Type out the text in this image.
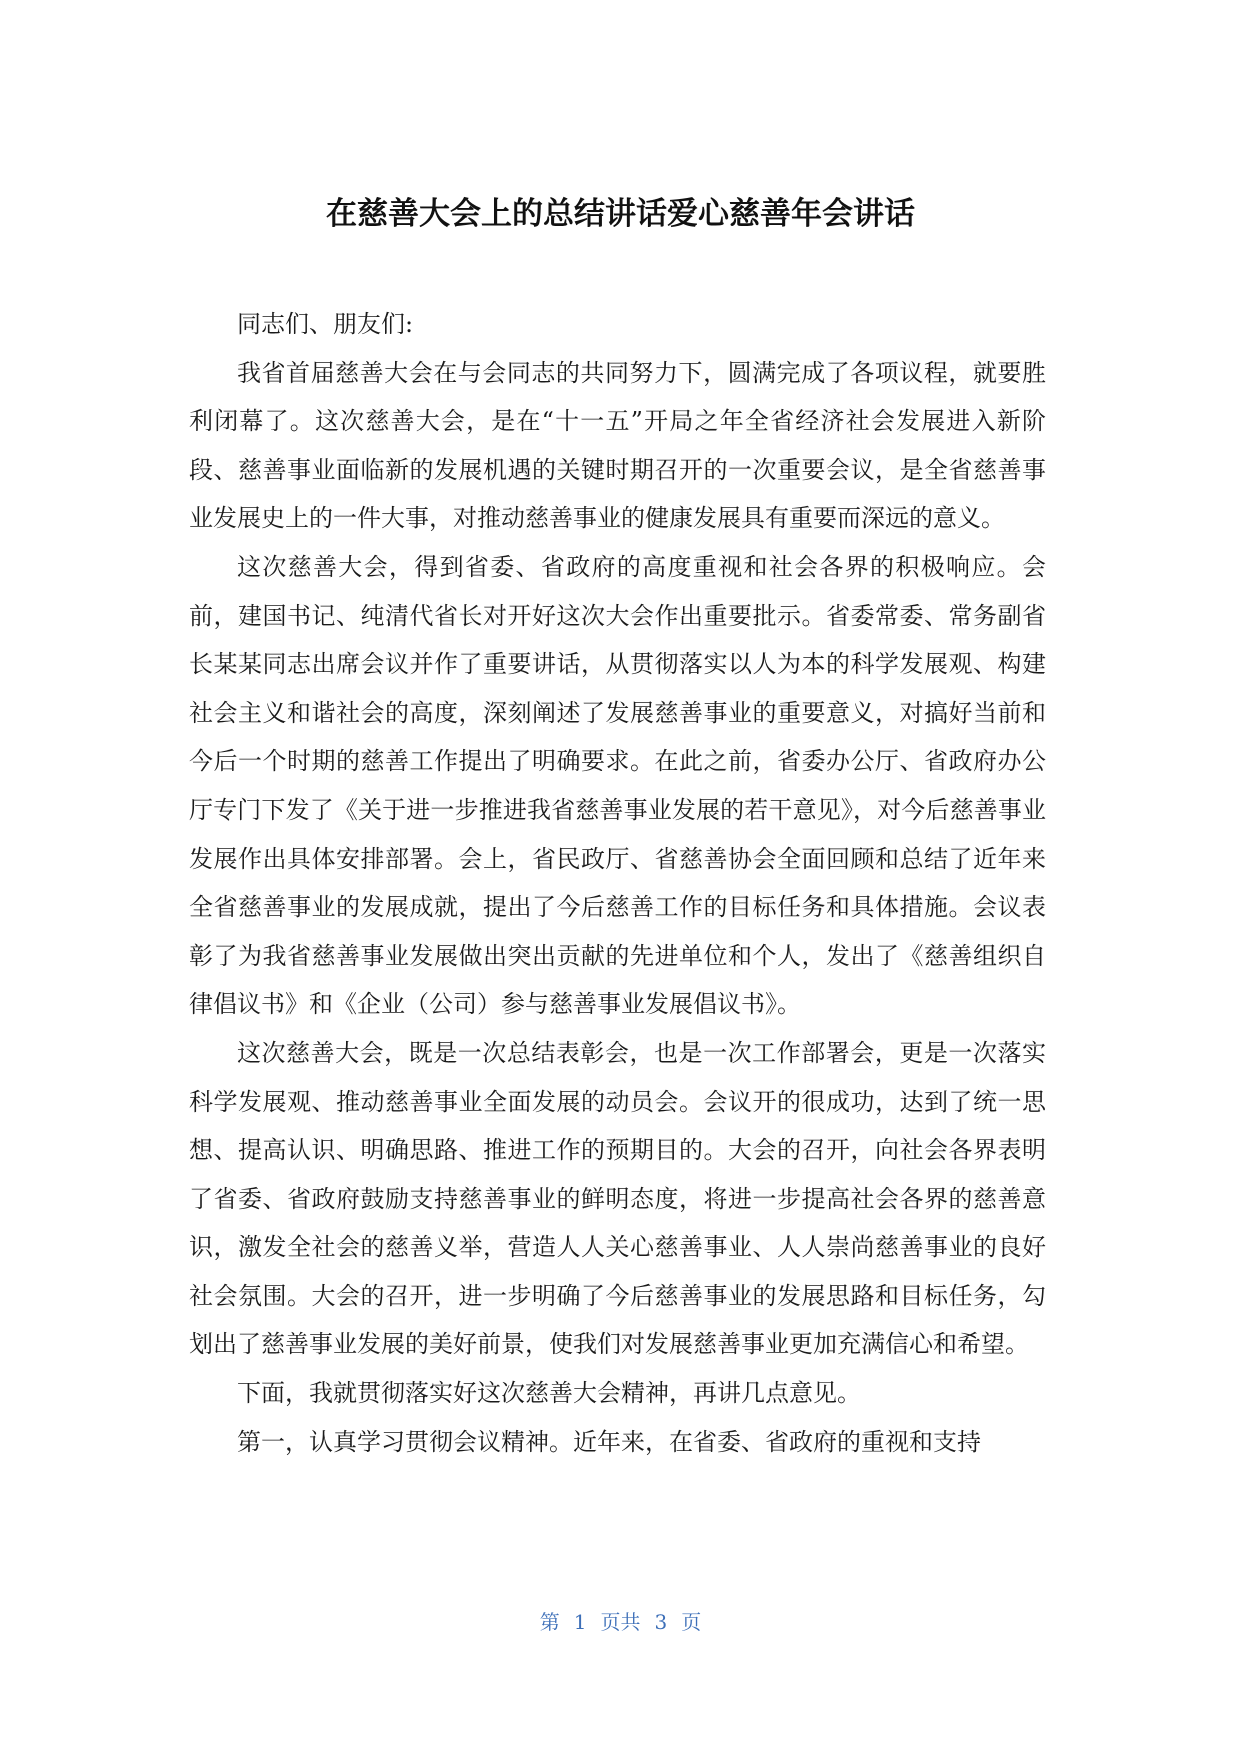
在慈善大会上的总结讲话爱心慈善年会讲话

同志们、朋友们:

我省首届慈善大会在与会同志的共同努力下，圆满完成了各项议程，就要胜利闭幕了。这次慈善大会，是在“十一五”开局之年全省经济社会发展进入新阶段、慈善事业面临新的发展机遇的关键时期召开的一次重要会议，是全省慈善事业发展史上的一件大事，对推动慈善事业的健康发展具有重要而深远的意义。

这次慈善大会，得到省委、省政府的高度重视和社会各界的积极响应。会前，建国书记、纯清代省长对开好这次大会作出重要批示。省委常委、常务副省长某某同志出席会议并作了重要讲话，从贯彻落实以人为本的科学发展观、构建社会主义和谐社会的高度，深刻阐述了发展慈善事业的重要意义，对搞好当前和今后一个时期的慈善工作提出了明确要求。在此之前，省委办公厅、省政府办公厅专门下发了《关于进一步推进我省慈善事业发展的若干意见》，对今后慈善事业发展作出具体安排部署。会上，省民政厅、省慈善协会全面回顾和总结了近年来全省慈善事业的发展成就，提出了今后慈善工作的目标任务和具体措施。会议表彰了为我省慈善事业发展做出突出贡献的先进单位和个人，发出了《慈善组织自律倡议书》和《企业（公司）参与慈善事业发展倡议书》。

这次慈善大会，既是一次总结表彰会，也是一次工作部署会，更是一次落实科学发展观、推动慈善事业全面发展的动员会。会议开的很成功，达到了统一思想、提高认识、明确思路、推进工作的预期目的。大会的召开，向社会各界表明了省委、省政府鼓励支持慈善事业的鲜明态度，将进一步提高社会各界的慈善意识，激发全社会的慈善义举，营造人人关心慈善事业、人人崇尚慈善事业的良好社会氛围。大会的召开，进一步明确了今后慈善事业的发展思路和目标任务，勾划出了慈善事业发展的美好前景，使我们对发展慈善事业更加充满信心和希望。

下面，我就贯彻落实好这次慈善大会精神，再讲几点意见。

第一，认真学习贯彻会议精神。近年来，在省委、省政府的重视和支持

第 1 页共 3 页
